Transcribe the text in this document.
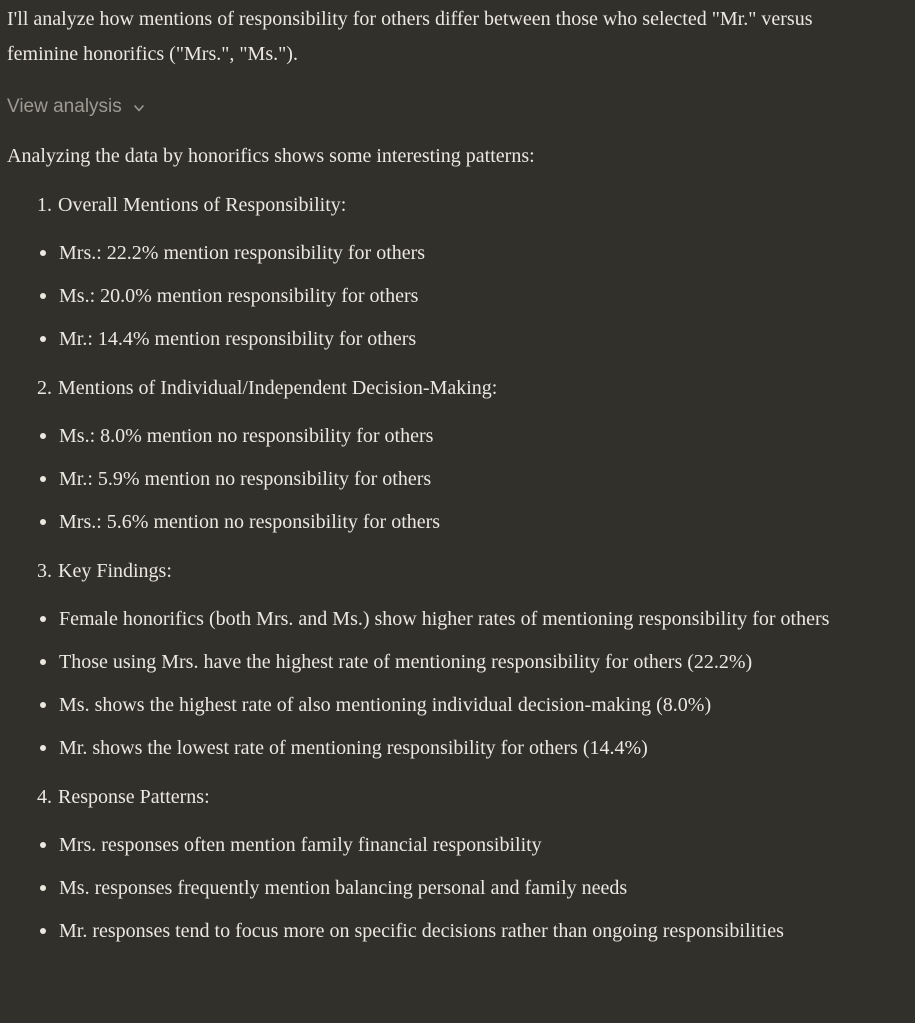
I'll analyze how mentions of responsibility for others differ between those who selected "Mr." versus feminine honorifics ("Mrs.", "Ms.").

View analysis

Analyzing the data by honorifics shows some interesting patterns:

1. Overall Mentions of Responsibility:
Mrs.: 22.2% mention responsibility for others
Ms.: 20.0% mention responsibility for others
Mr.: 14.4% mention responsibility for others
2. Mentions of Individual/Independent Decision-Making:
Ms.: 8.0% mention no responsibility for others
Mr.: 5.9% mention no responsibility for others
Mrs.: 5.6% mention no responsibility for others
3. Key Findings:
Female honorifics (both Mrs. and Ms.) show higher rates of mentioning responsibility for others
Those using Mrs. have the highest rate of mentioning responsibility for others (22.2%)
Ms. shows the highest rate of also mentioning individual decision-making (8.0%)
Mr. shows the lowest rate of mentioning responsibility for others (14.4%)
4. Response Patterns:
Mrs. responses often mention family financial responsibility
Ms. responses frequently mention balancing personal and family needs
Mr. responses tend to focus more on specific decisions rather than ongoing responsibilities
